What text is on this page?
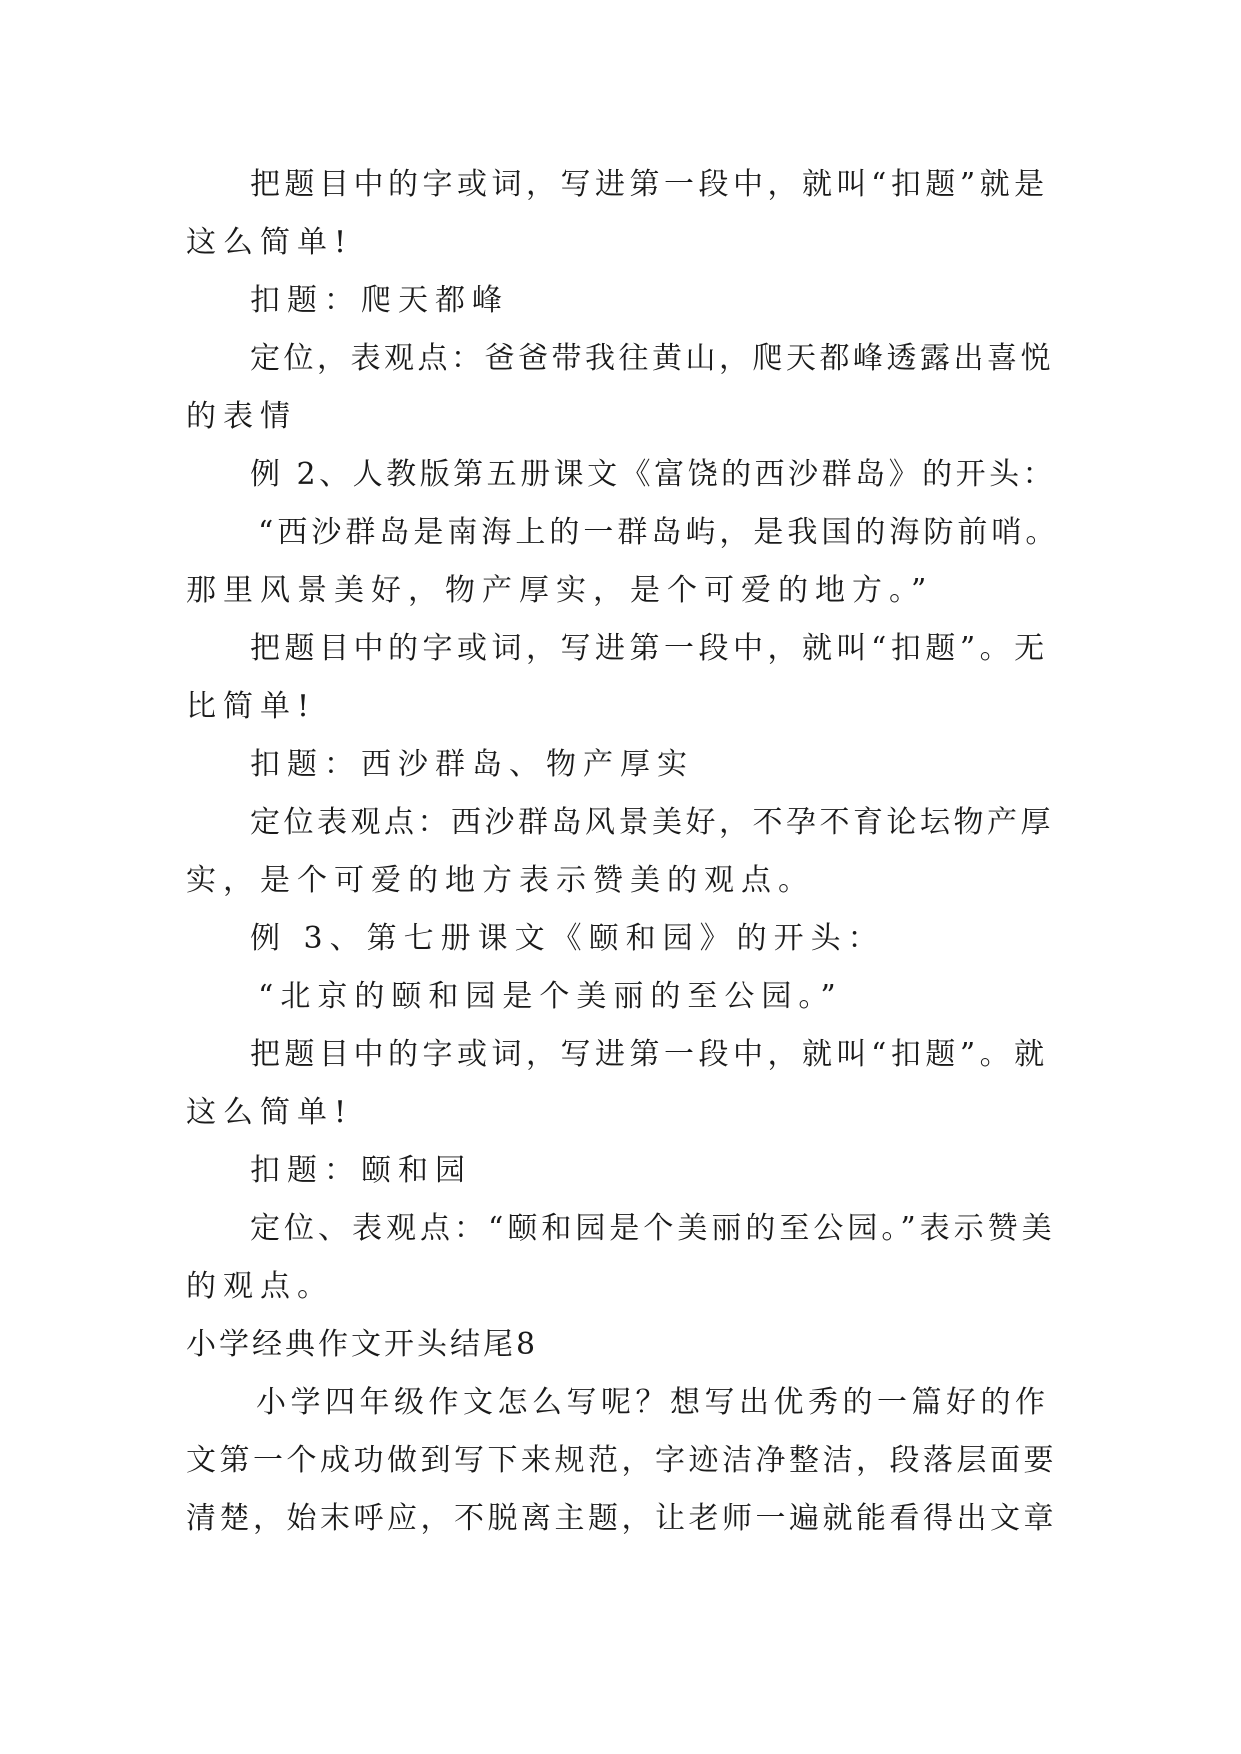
把题目中的字或词，写进第一段中，就叫“扣题”就是
这么简单!
扣题：爬天都峰
定位，表观点：爸爸带我往黄山，爬天都峰透露出喜悦
的表情
例 2、人教版第五册课文《富饶的西沙群岛》的开头：
“西沙群岛是南海上的一群岛屿，是我国的海防前哨。
那里风景美好，物产厚实，是个可爱的地方。”
把题目中的字或词，写进第一段中，就叫“扣题”。无
比简单!
扣题：西沙群岛、物产厚实
定位表观点：西沙群岛风景美好，不孕不育论坛物产厚
实，是个可爱的地方表示赞美的观点。
例 3、第七册课文《颐和园》的开头：
“北京的颐和园是个美丽的至公园。”
把题目中的字或词，写进第一段中，就叫“扣题”。就
这么简单!
扣题：颐和园
定位、表观点：“颐和园是个美丽的至公园。”表示赞美
的观点。
小学经典作文开头结尾8
小学四年级作文怎么写呢？想写出优秀的一篇好的作
文第一个成功做到写下来规范，字迹洁净整洁，段落层面要
清楚，始末呼应，不脱离主题，让老师一遍就能看得出文章
